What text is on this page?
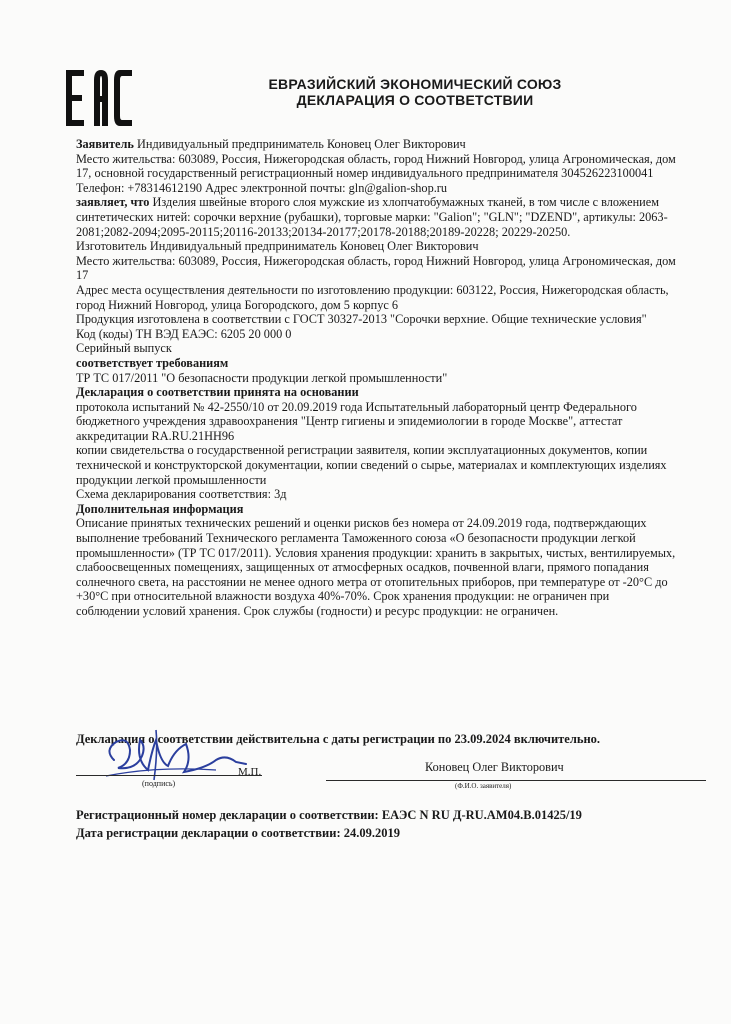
ЕВРАЗИЙСКИЙ ЭКОНОМИЧЕСКИЙ СОЮЗ
ДЕКЛАРАЦИЯ О СООТВЕТСТВИИ

Заявитель Индивидуальный предприниматель Коновец Олег Викторович

Место жительства: 603089, Россия, Нижегородская область, город Нижний Новгород, улица Агрономическая, дом 17, основной государственный регистрационный номер индивидуального предпринимателя 304526223100041

Телефон: +78314612190 Адрес электронной почты: gln@galion-shop.ru

заявляет, что Изделия швейные второго слоя мужские из хлопчатобумажных тканей, в том числе с вложением синтетических нитей: сорочки верхние (рубашки), торговые марки: "Galion"; "GLN"; "DZEND", артикулы: 2063-2081;2082-2094;2095-20115;20116-20133;20134-20177;20178-20188;20189-20228; 20229-20250.

Изготовитель Индивидуальный предприниматель Коновец Олег Викторович

Место жительства: 603089, Россия, Нижегородская область, город Нижний Новгород, улица Агрономическая, дом 17

Адрес места осуществления деятельности по изготовлению продукции: 603122, Россия, Нижегородская область, город Нижний Новгород, улица Богородского, дом 5 корпус 6

Продукция изготовлена в соответствии с ГОСТ 30327-2013 "Сорочки верхние. Общие технические условия"

Код (коды) ТН ВЭД ЕАЭС: 6205 20 000 0

Серийный выпуск

соответствует требованиям

ТР ТС 017/2011 "О безопасности продукции легкой промышленности"

Декларация о соответствии принята на основании

протокола испытаний № 42-2550/10 от 20.09.2019 года Испытательный лабораторный центр Федерального бюджетного учреждения здравоохранения "Центр гигиены и эпидемиологии в городе Москве", аттестат аккредитации RA.RU.21НН96

копии свидетельства о государственной регистрации заявителя, копии эксплуатационных документов, копии технической и конструкторской документации, копии сведений о сырье, материалах и комплектующих изделиях продукции легкой промышленности

Схема декларирования соответствия: 3д

Дополнительная информация

Описание принятых технических решений и оценки рисков без номера от 24.09.2019 года, подтверждающих выполнение требований Технического регламента Таможенного союза «О безопасности продукции легкой промышленности» (ТР ТС 017/2011). Условия хранения продукции: хранить в закрытых, чистых, вентилируемых, слабоосвещенных помещениях, защищенных от атмосферных осадков, почвенной влаги, прямого попадания солнечного света, на расстоянии не менее одного метра от отопительных приборов, при температуре от -20°С до +30°С при относительной влажности воздуха 40%-70%. Срок хранения продукции: не ограничен при соблюдении условий хранения. Срок службы (годности) и ресурс продукции: не ограничен.

Декларация о соответствии действительна с даты регистрации по 23.09.2024 включительно.
М.П.	Коновец Олег Викторович
(подпись)	(Ф.И.О. заявителя)
Регистрационный номер декларации о соответствии: ЕАЭС N RU Д-RU.АМ04.В.01425/19
Дата регистрации декларации о соответствии: 24.09.2019
